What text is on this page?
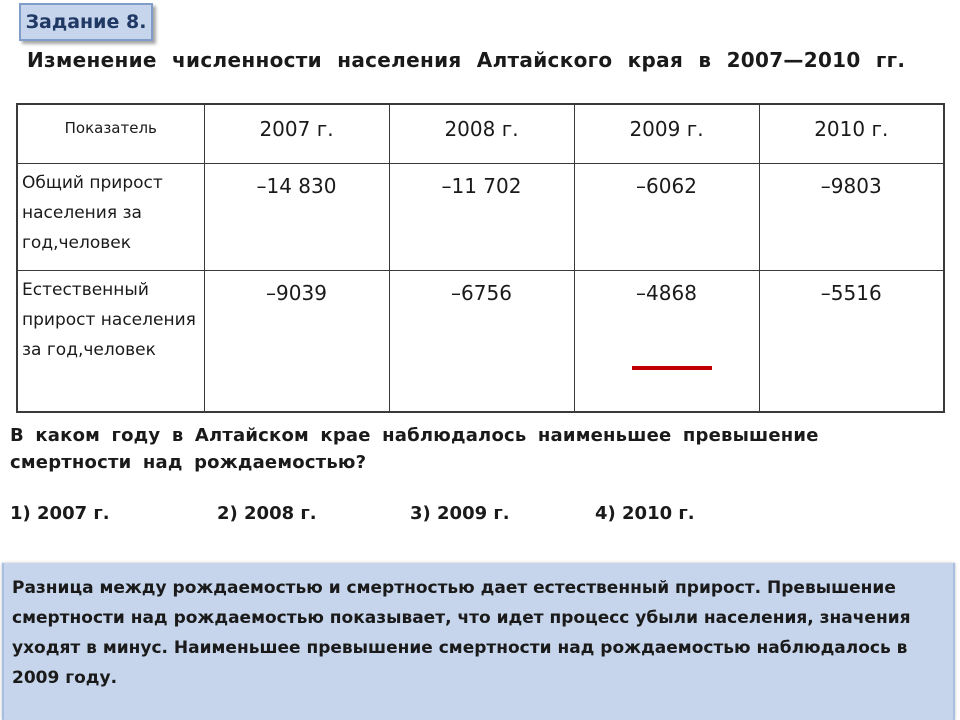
Задание 8.
Изменение численности населения Алтайского края в 2007—2010 гг.
Показатель	2007 г.	2008 г.	2009 г.	2010 г.
Общий прирост населения за год,человек	–14 830	–11 702	–6062	–9803
Естественный прирост населения за год,человек	–9039	–6756	–4868	–5516

В каком году в Алтайском крае наблюдалось наименьшее превышение смертности над рождаемостью?

1) 2007 г.	2) 2008 г.	3) 2009 г.	4) 2010 г.

Разница между рождаемостью и смертностью дает естественный прирост. Превышение смертности над рождаемостью показывает, что идет процесс убыли населения, значения уходят в минус. Наименьшее превышение смертности над рождаемостью наблюдалось в 2009 году.
